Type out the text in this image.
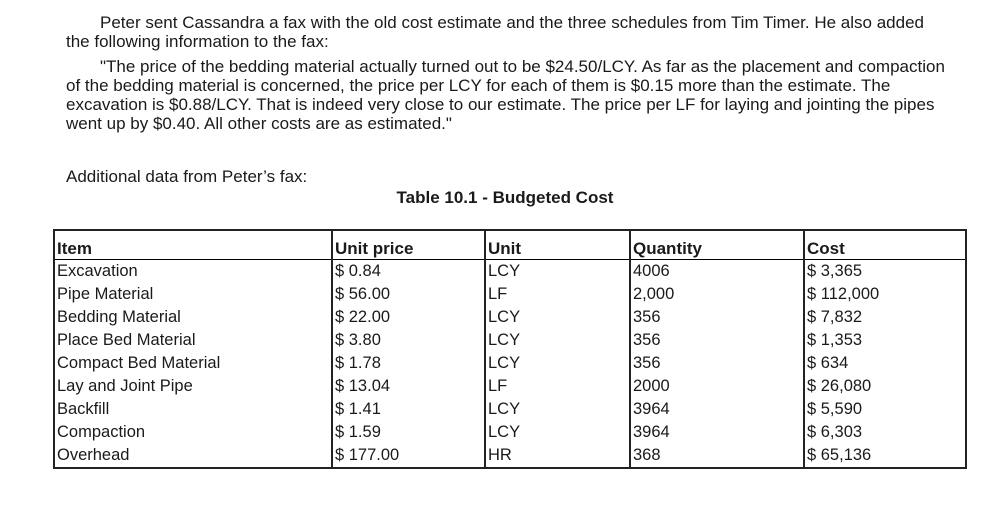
Peter sent Cassandra a fax with the old cost estimate and the three schedules from Tim Timer. He also added the following information to the fax:

"The price of the bedding material actually turned out to be $24.50/LCY. As far as the placement and compaction of the bedding material is concerned, the price per LCY for each of them is $0.15 more than the estimate. The excavation is $0.88/LCY. That is indeed very close to our estimate. The price per LF for laying and jointing the pipes went up by $0.40. All other costs are as estimated."

Additional data from Peter’s fax:

Table 10.1 - Budgeted Cost
Item	Unit price	Unit	Quantity	Cost
Excavation	$ 0.84	LCY	4006	$ 3,365
Pipe Material	$ 56.00	LF	2,000	$ 112,000
Bedding Material	$ 22.00	LCY	356	$ 7,832
Place Bed Material	$ 3.80	LCY	356	$ 1,353
Compact Bed Material	$ 1.78	LCY	356	$ 634
Lay and Joint Pipe	$ 13.04	LF	2000	$ 26,080
Backfill	$ 1.41	LCY	3964	$ 5,590
Compaction	$ 1.59	LCY	3964	$ 6,303
Overhead	$ 177.00	HR	368	$ 65,136
